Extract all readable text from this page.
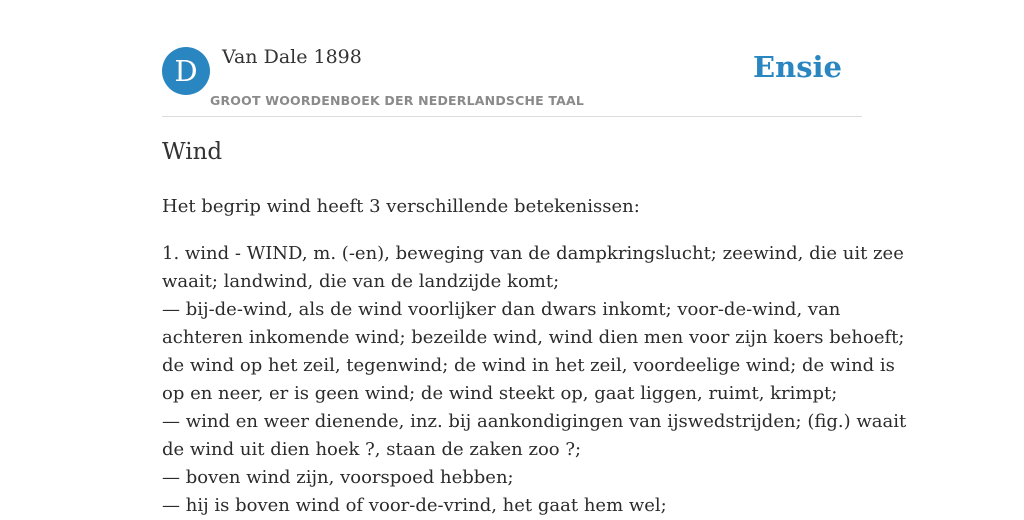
D	Van Dale 1898
GROOT WOORDENBOEK DER NEDERLANDSCHE TAAL
Ensie
Wind

Het begrip wind heeft 3 verschillende betekenissen:

1. wind - WIND, m. (-en), beweging van de dampkringslucht; zeewind, die uit zee
waait; landwind, die van de landzijde komt;
— bij-de-wind, als de wind voorlijker dan dwars inkomt; voor-de-wind, van
achteren inkomende wind; bezeilde wind, wind dien men voor zijn koers behoeft;
de wind op het zeil, tegenwind; de wind in het zeil, voordeelige wind; de wind is
op en neer, er is geen wind; de wind steekt op, gaat liggen, ruimt, krimpt;
— wind en weer dienende, inz. bij aankondigingen van ijswedstrijden; (fig.) waait
de wind uit dien hoek ?, staan de zaken zoo ?;
— boven wind zijn, voorspoed hebben;
— hij is boven wind of voor-de-vrind, het gaat hem wel;
